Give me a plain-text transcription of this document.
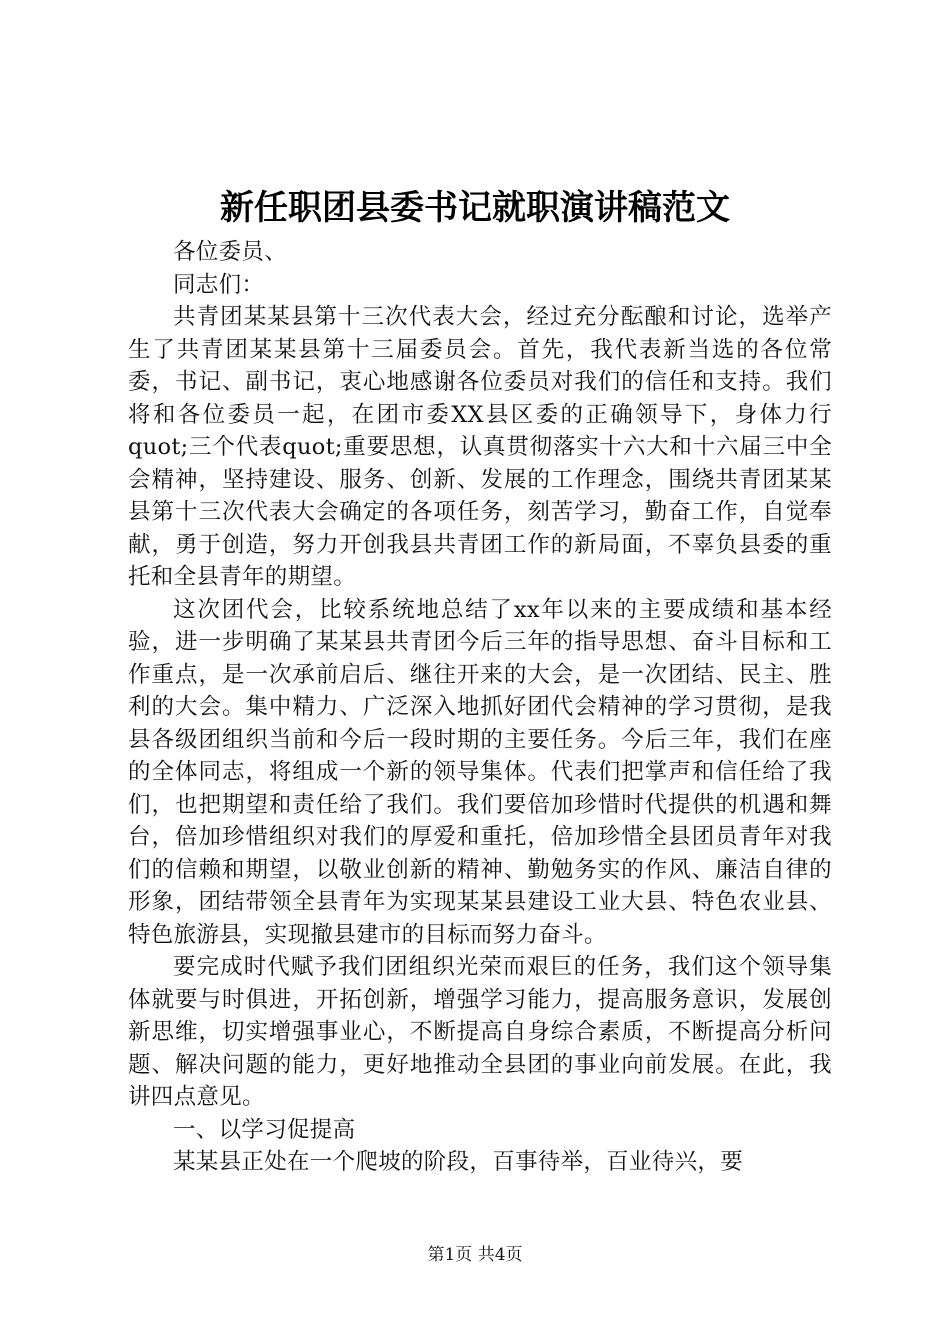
新任职团县委书记就职演讲稿范文

各位委员、

同志们：

共青团某某县第十三次代表大会，经过充分酝酿和讨论，选举产生了共青团某某县第十三届委员会。首先，我代表新当选的各位常委，书记、副书记，衷心地感谢各位委员对我们的信任和支持。我们将和各位委员一起，在团市委XX县区委的正确领导下，身体力行quot;三个代表quot;重要思想，认真贯彻落实十六大和十六届三中全会精神，坚持建设、服务、创新、发展的工作理念，围绕共青团某某县第十三次代表大会确定的各项任务，刻苦学习，勤奋工作，自觉奉献，勇于创造，努力开创我县共青团工作的新局面，不辜负县委的重托和全县青年的期望。

这次团代会，比较系统地总结了xx年以来的主要成绩和基本经验，进一步明确了某某县共青团今后三年的指导思想、奋斗目标和工作重点，是一次承前启后、继往开来的大会，是一次团结、民主、胜利的大会。集中精力、广泛深入地抓好团代会精神的学习贯彻，是我县各级团组织当前和今后一段时期的主要任务。今后三年，我们在座的全体同志，将组成一个新的领导集体。代表们把掌声和信任给了我们，也把期望和责任给了我们。我们要倍加珍惜时代提供的机遇和舞台，倍加珍惜组织对我们的厚爱和重托，倍加珍惜全县团员青年对我们的信赖和期望，以敬业创新的精神、勤勉务实的作风、廉洁自律的形象，团结带领全县青年为实现某某县建设工业大县、特色农业县、特色旅游县，实现撤县建市的目标而努力奋斗。

要完成时代赋予我们团组织光荣而艰巨的任务，我们这个领导集体就要与时俱进，开拓创新，增强学习能力，提高服务意识，发展创新思维，切实增强事业心，不断提高自身综合素质，不断提高分析问题、解决问题的能力，更好地推动全县团的事业向前发展。在此，我讲四点意见。

一、以学习促提高

某某县正处在一个爬坡的阶段，百事待举，百业待兴，要

第1页 共4页
